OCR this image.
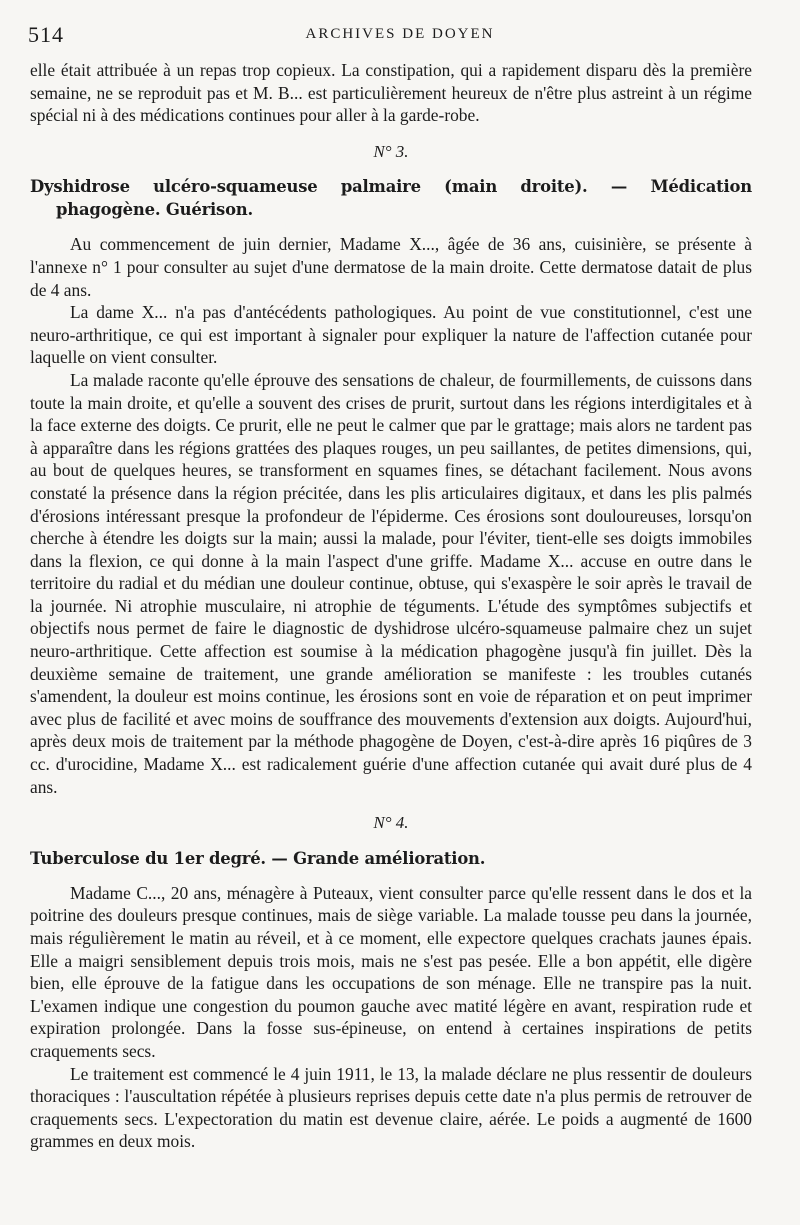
514	ARCHIVES DE DOYEN

elle était attribuée à un repas trop copieux. La constipation, qui a rapidement disparu dès la première semaine, ne se reproduit pas et M. B... est particulièrement heureux de n'être plus astreint à un régime spécial ni à des médications continues pour aller à la garde-robe.

N° 3.
Dyshidrose ulcéro-squameuse palmaire (main droite). — Médication phagogène. Guérison.

Au commencement de juin dernier, Madame X..., âgée de 36 ans, cuisinière, se présente à l'annexe n° 1 pour consulter au sujet d'une dermatose de la main droite. Cette dermatose datait de plus de 4 ans.

La dame X... n'a pas d'antécédents pathologiques. Au point de vue constitutionnel, c'est une neuro-arthritique, ce qui est important à signaler pour expliquer la nature de l'affection cutanée pour laquelle on vient consulter.

La malade raconte qu'elle éprouve des sensations de chaleur, de fourmillements, de cuissons dans toute la main droite, et qu'elle a souvent des crises de prurit, surtout dans les régions interdigitales et à la face externe des doigts. Ce prurit, elle ne peut le calmer que par le grattage; mais alors ne tardent pas à apparaître dans les régions grattées des plaques rouges, un peu saillantes, de petites dimensions, qui, au bout de quelques heures, se transforment en squames fines, se détachant facilement. Nous avons constaté la présence dans la région précitée, dans les plis articulaires digitaux, et dans les plis palmés d'érosions intéressant presque la profondeur de l'épiderme. Ces érosions sont douloureuses, lorsqu'on cherche à étendre les doigts sur la main; aussi la malade, pour l'éviter, tient-elle ses doigts immobiles dans la flexion, ce qui donne à la main l'aspect d'une griffe. Madame X... accuse en outre dans le territoire du radial et du médian une douleur continue, obtuse, qui s'exaspère le soir après le travail de la journée. Ni atrophie musculaire, ni atrophie de téguments. L'étude des symptômes subjectifs et objectifs nous permet de faire le diagnostic de dyshidrose ulcéro-squameuse palmaire chez un sujet neuro-arthritique. Cette affection est soumise à la médication phagogène jusqu'à fin juillet. Dès la deuxième semaine de traitement, une grande amélioration se manifeste : les troubles cutanés s'amendent, la douleur est moins continue, les érosions sont en voie de réparation et on peut imprimer avec plus de facilité et avec moins de souffrance des mouvements d'extension aux doigts. Aujourd'hui, après deux mois de traitement par la méthode phagogène de Doyen, c'est-à-dire après 16 piqûres de 3 cc. d'urocidine, Madame X... est radicalement guérie d'une affection cutanée qui avait duré plus de 4 ans.

N° 4.
Tuberculose du 1er degré. — Grande amélioration.

Madame C..., 20 ans, ménagère à Puteaux, vient consulter parce qu'elle ressent dans le dos et la poitrine des douleurs presque continues, mais de siège variable. La malade tousse peu dans la journée, mais régulièrement le matin au réveil, et à ce moment, elle expectore quelques crachats jaunes épais. Elle a maigri sensiblement depuis trois mois, mais ne s'est pas pesée. Elle a bon appétit, elle digère bien, elle éprouve de la fatigue dans les occupations de son ménage. Elle ne transpire pas la nuit. L'examen indique une congestion du poumon gauche avec matité légère en avant, respiration rude et expiration prolongée. Dans la fosse sus-épineuse, on entend à certaines inspirations de petits craquements secs.

Le traitement est commencé le 4 juin 1911, le 13, la malade déclare ne plus ressentir de douleurs thoraciques : l'auscultation répétée à plusieurs reprises depuis cette date n'a plus permis de retrouver de craquements secs. L'expectoration du matin est devenue claire, aérée. Le poids a augmenté de 1600 grammes en deux mois.
